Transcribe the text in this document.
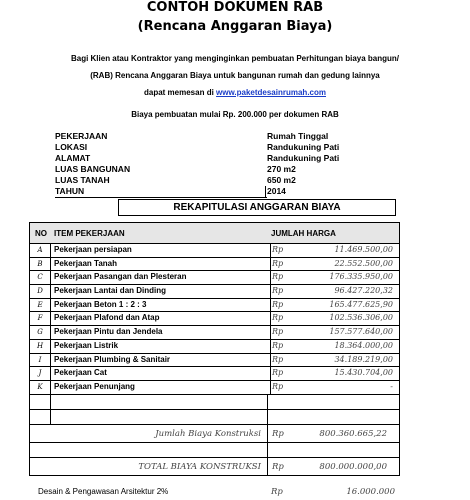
CONTOH DOKUMEN RAB
(Rencana Anggaran Biaya)
Bagi Klien atau Kontraktor yang menginginkan pembuatan Perhitungan biaya bangun/
(RAB) Rencana Anggaran Biaya untuk bangunan rumah dan gedung lainnya
dapat memesan di www.paketdesainrumah.com
Biaya pembuatan mulai Rp. 200.000 per dokumen RAB
PEKERJAAN	Rumah Tinggal
LOKASI	Randukuning Pati
ALAMAT	Randukuning Pati
LUAS BANGUNAN	270 m2
LUAS TANAH	650 m2
TAHUN	2014
REKAPITULASI ANGGARAN BIAYA
NO ITEM PEKERJAAN	JUMLAH HARGA
A	Pekerjaan persiapan	Rp	11.469.500,00
B	Pekerjaan Tanah	Rp	22.552.500,00
C	Pekerjaan Pasangan dan Plesteran	Rp	176.335.950,00
D	Pekerjaan Lantai dan Dinding	Rp	96.427.220,32
E	Pekerjaan Beton 1 : 2 : 3	Rp	165.477.625,90
F	Pekerjaan Plafond dan Atap	Rp	102.536.306,00
G	Pekerjaan Pintu dan Jendela	Rp	157.577.640,00
H	Pekerjaan Listrik	Rp	18.364.000,00
I	Pekerjaan Plumbing & Sanitair	Rp	34.189.219,00
J	Pekerjaan Cat	Rp	15.430.704,00
K	Pekerjaan Penunjang	Rp	-
Jumlah Biaya Konstruksi Rp	800.360.665,22
TOTAL BIAYA KONSTRUKSI Rp	800.000.000,00
Desain & Pengawasan Arsitektur 2%	Rp	16.000.000
